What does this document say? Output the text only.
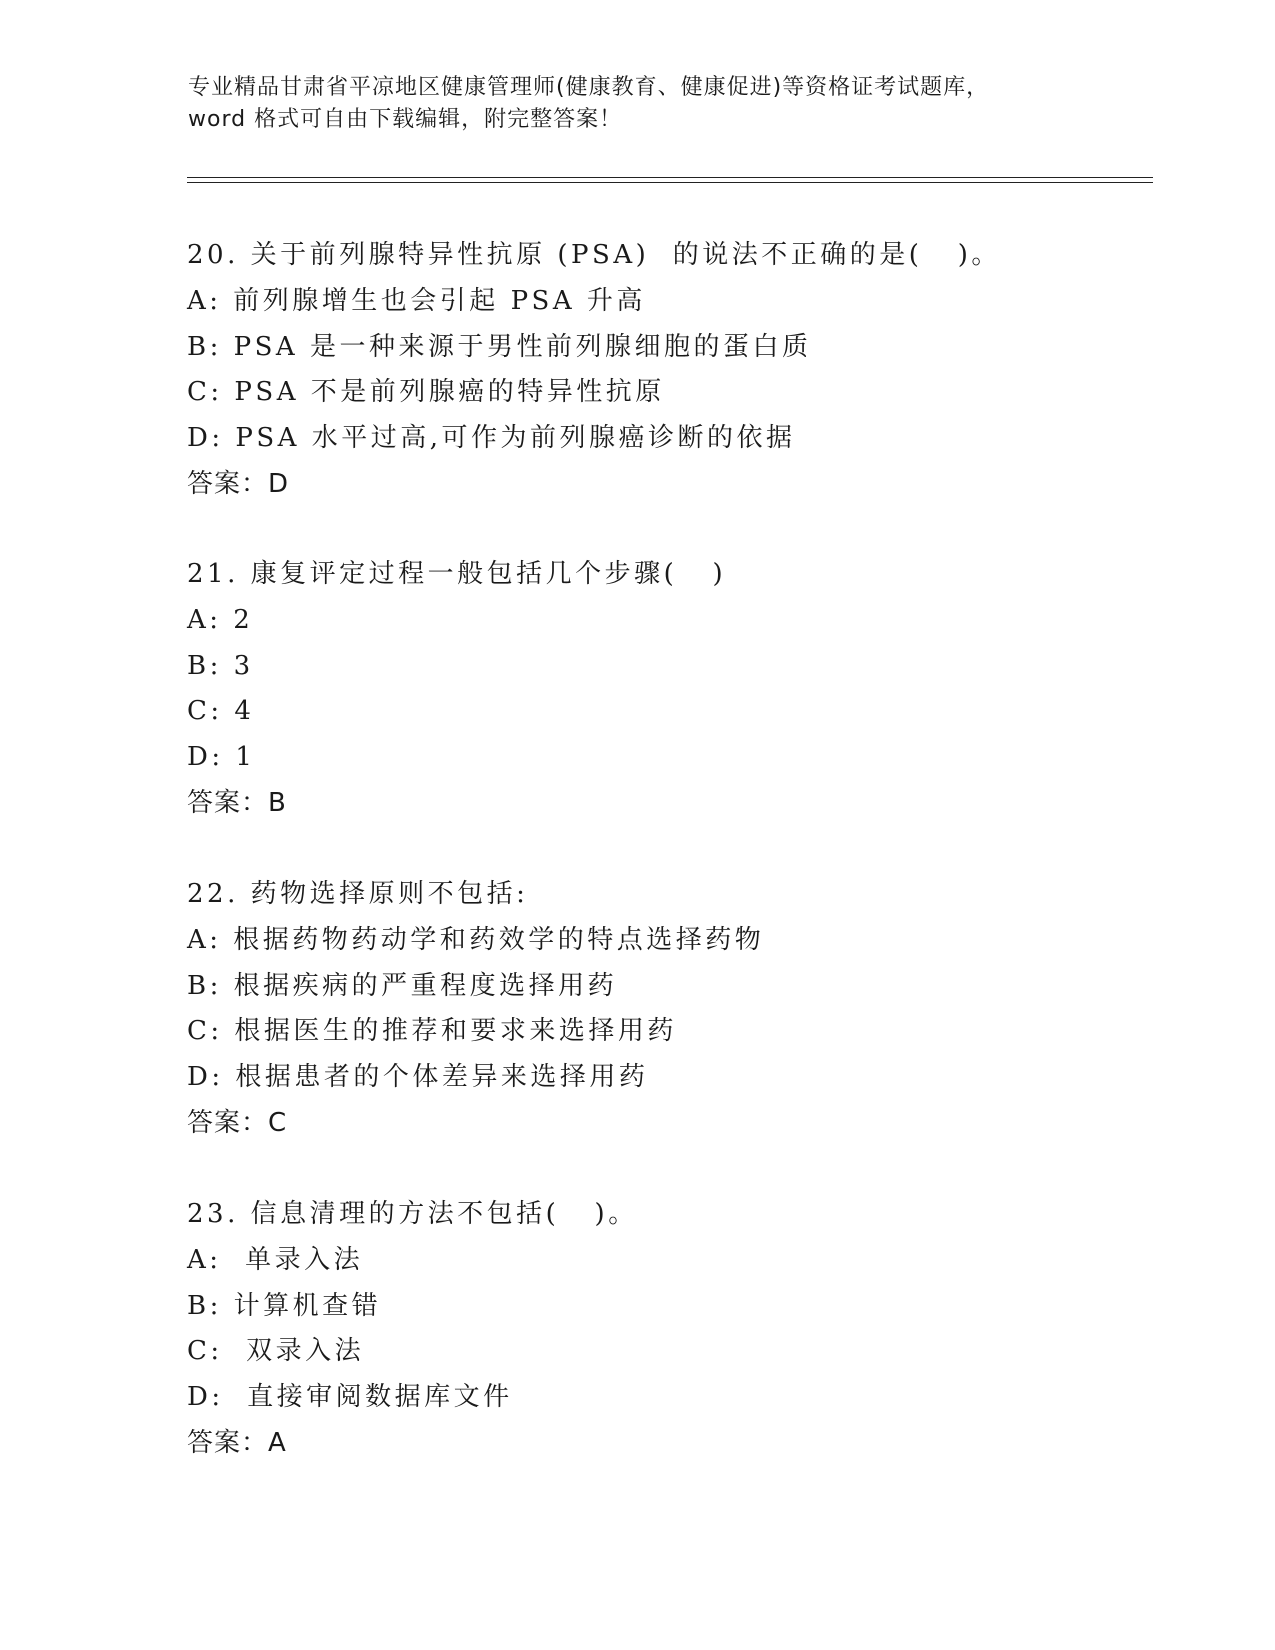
专业精品甘肃省平凉地区健康管理师(健康教育、健康促进)等资格证考试题库，
word 格式可自由下载编辑，附完整答案！
20. 关于前列腺特异性抗原 (PSA)  的说法不正确的是(   )。
A: 前列腺增生也会引起 PSA 升高
B: PSA 是一种来源于男性前列腺细胞的蛋白质
C: PSA 不是前列腺癌的特异性抗原
D: PSA 水平过高,可作为前列腺癌诊断的依据
答案：D
21. 康复评定过程一般包括几个步骤(   )
A: 2
B: 3
C: 4
D: 1
答案：B
22. 药物选择原则不包括:
A: 根据药物药动学和药效学的特点选择药物
B: 根据疾病的严重程度选择用药
C: 根据医生的推荐和要求来选择用药
D: 根据患者的个体差异来选择用药
答案：C
23. 信息清理的方法不包括(   )。
A:  单录入法
B: 计算机查错
C:  双录入法
D:  直接审阅数据库文件
答案：A
